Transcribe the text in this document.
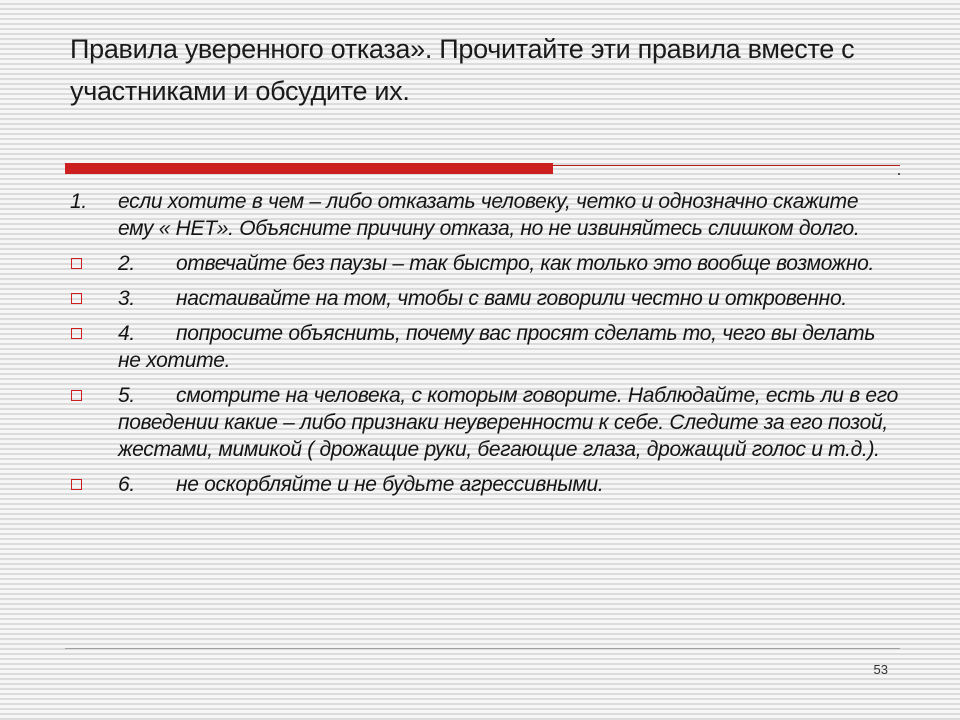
Правила уверенного отказа». Прочитайте эти правила вместе с участниками и обсудите их.
1. если хотите в чем – либо отказать человеку, четко и однозначно скажите ему « НЕТ». Объясните причину отказа, но не извиняйтесь слишком долго.
2. отвечайте без паузы – так быстро, как только это вообще возможно.
3. настаивайте на том, чтобы с вами говорили честно и откровенно.
4. попросите объяснить, почему вас просят сделать то, чего вы делать не хотите.
5. смотрите на человека, с которым говорите. Наблюдайте, есть ли в его поведении какие – либо признаки неуверенности к себе. Следите за его позой, жестами, мимикой ( дрожащие руки, бегающие глаза, дрожащий голос и т.д.).
6. не оскорбляйте и не будьте агрессивными.
53
